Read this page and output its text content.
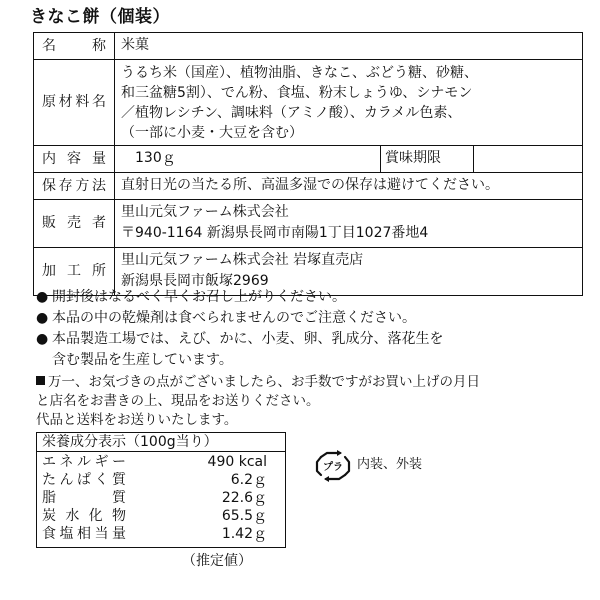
きなこ餅（個装）
名　称	米菓		
原材料名	うるち米（国産）、植物油脂、きなこ、ぶどう糖、砂糖、
和三盆糖5割）、でん粉、食塩、粉末しょうゆ、シナモン
／植物レシチン、調味料（アミノ酸）、カラメル色素、
（一部に小麦・大豆を含む）		

内容量	130ｇ	賞味期限	
保存方法	直射日光の当たる所、高温多湿での保存は避けてください。		
販売者	里山元気ファーム株式会社
〒940-1164 新潟県長岡市南陽1丁目1027番地4		

加工所	里山元気ファーム株式会社 岩塚直売店
新潟県長岡市飯塚2969		
● 開封後はなるべく早くお召し上がりください。
● 本品の中の乾燥剤は食べられませんのでご注意ください。
● 本品製造工場では、えび、かに、小麦、卵、乳成分、落花生を
含む製品を生産しています。
万一、お気づきの点がございましたら、お手数ですがお買い上げの月日
と店名をお書きの上、現品をお送りください。
代品と送料をお送りいたします。
栄養成分表示（100g当り）
エネルギー	490 kcal
たんぱく質	6.2ｇ
脂質	22.6ｇ
炭水化物	65.5ｇ
食塩相当量	1.42ｇ
（推定値）
プラ 内装、外装
